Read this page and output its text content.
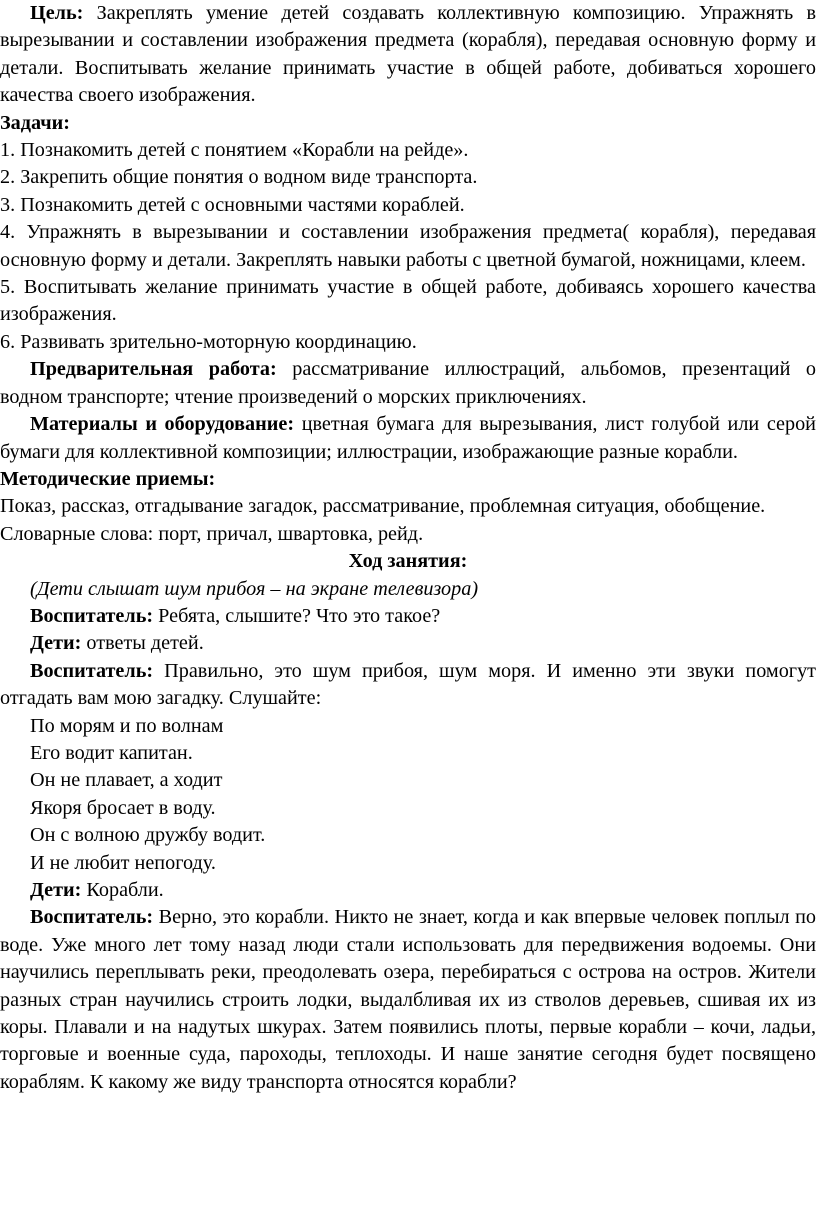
Цель: Закреплять умение детей создавать коллективную композицию. Упражнять в вырезывании и составлении изображения предмета (корабля), передавая основную форму и детали. Воспитывать желание принимать участие в общей работе, добиваться хорошего качества своего изображения.

Задачи:

1. Познакомить детей с понятием «Корабли на рейде».

2. Закрепить общие понятия о водном виде транспорта.

3. Познакомить детей с основными частями кораблей.

4. Упражнять в вырезывании и составлении изображения предмета( корабля), передавая основную форму и детали. Закреплять навыки работы с цветной бумагой, ножницами, клеем.

5. Воспитывать желание принимать участие в общей работе, добиваясь хорошего качества изображения.

6. Развивать зрительно-моторную координацию.

Предварительная работа: рассматривание иллюстраций, альбомов, презентаций о водном транспорте; чтение произведений о морских приключениях.

Материалы и оборудование: цветная бумага для вырезывания, лист голубой или серой бумаги для коллективной композиции; иллюстрации, изображающие разные корабли.

Методические приемы:

Показ, рассказ, отгадывание загадок, рассматривание, проблемная ситуация, обобщение.

Словарные слова: порт, причал, швартовка, рейд.

Ход занятия:

(Дети слышат шум прибоя – на экране телевизора)

Воспитатель: Ребята, слышите? Что это такое?

Дети: ответы детей.

Воспитатель: Правильно, это шум прибоя, шум моря. И именно эти звуки помогут отгадать вам мою загадку. Слушайте:

По морям и по волнам
Его водит капитан.
Он не плавает, а ходит
Якоря бросает в воду.
Он с волною дружбу водит.
И не любит непогоду.

Дети: Корабли.

Воспитатель: Верно, это корабли. Никто не знает, когда и как впервые человек поплыл по воде. Уже много лет тому назад люди стали использовать для передвижения водоемы. Они научились переплывать реки, преодолевать озера, перебираться с острова на остров. Жители разных стран научились строить лодки, выдалбливая их из стволов деревьев, сшивая их из коры. Плавали и на надутых шкурах. Затем появились плоты, первые корабли – кочи, ладьи, торговые и военные суда, пароходы, теплоходы. И наше занятие сегодня будет посвящено кораблям. К какому же виду транспорта относятся корабли?
